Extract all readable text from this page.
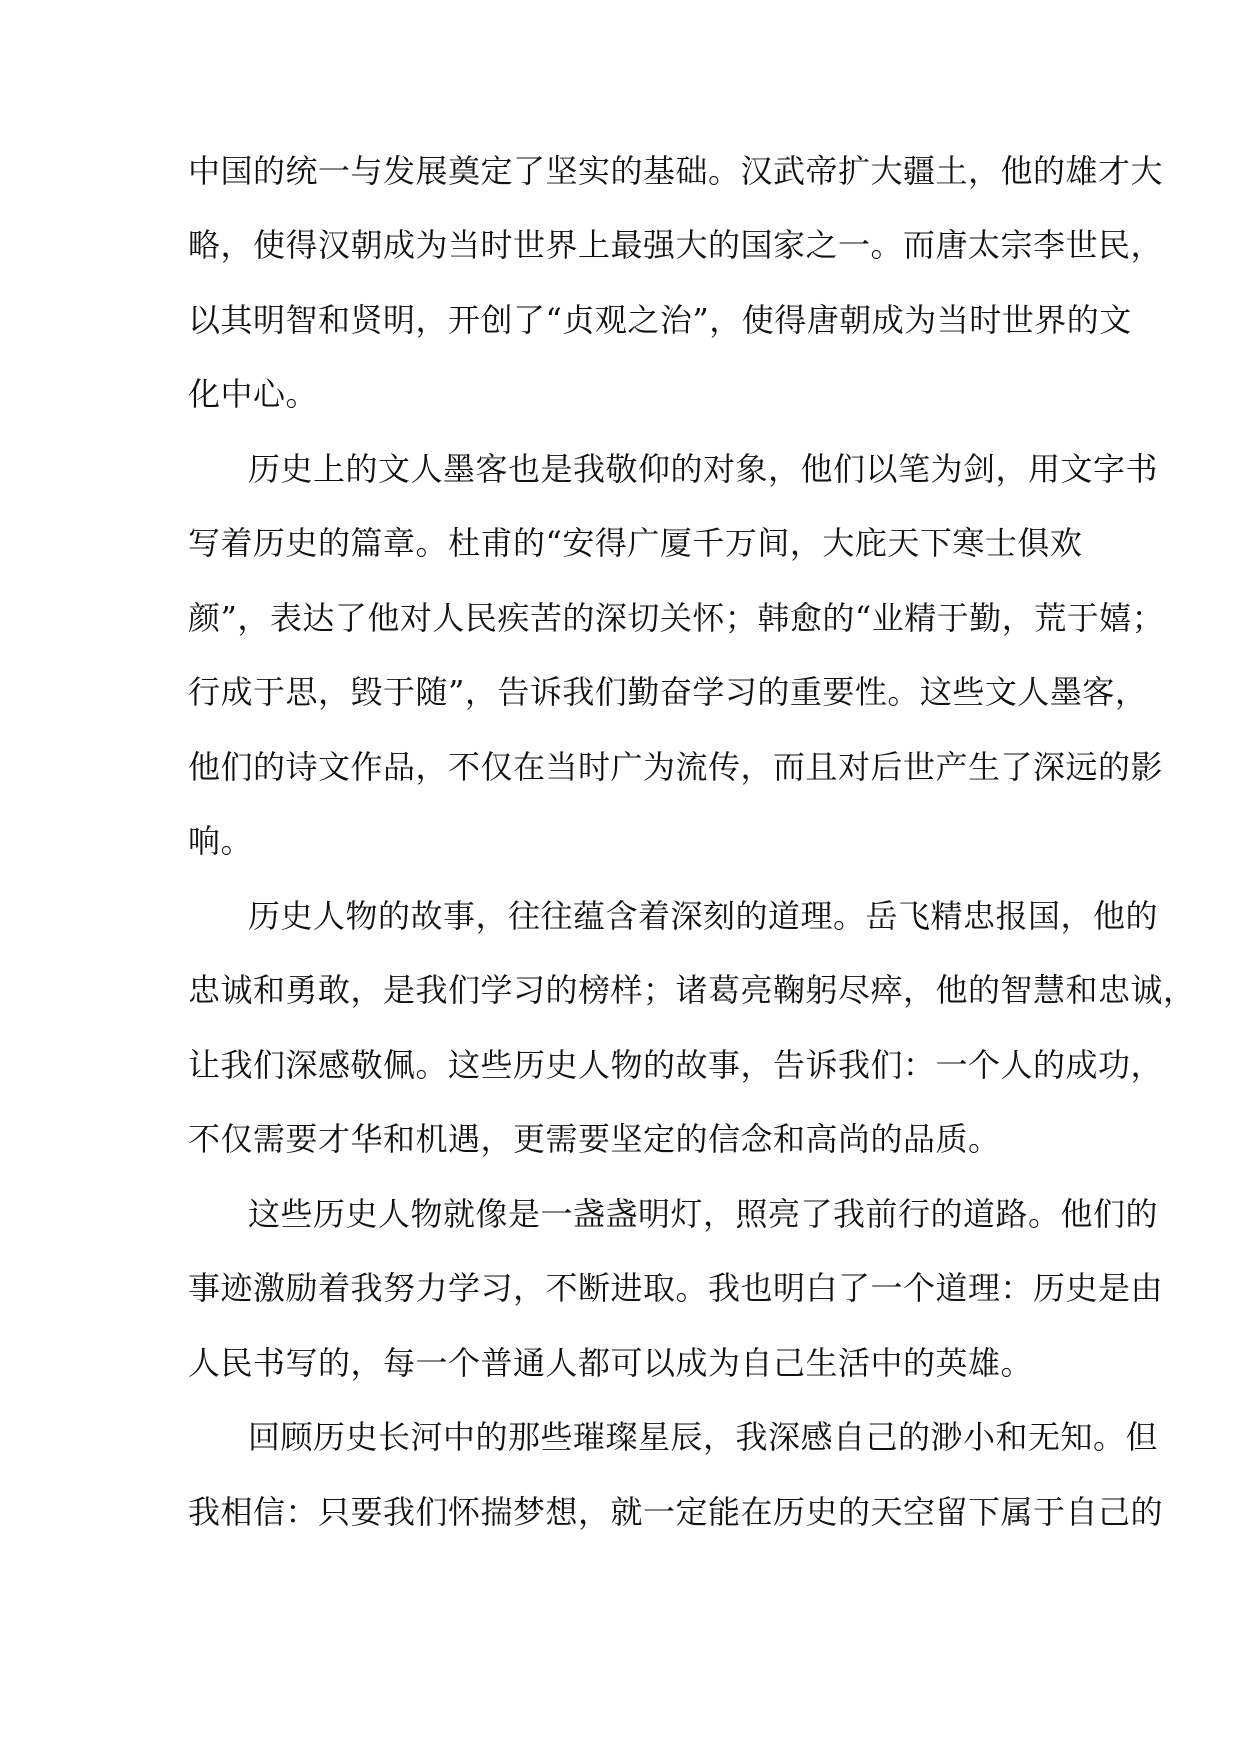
中国的统一与发展奠定了坚实的基础。汉武帝扩大疆土，他的雄才大
略，使得汉朝成为当时世界上最强大的国家之一。而唐太宗李世民，
以其明智和贤明，开创了“贞观之治”，使得唐朝成为当时世界的文
化中心。
历史上的文人墨客也是我敬仰的对象，他们以笔为剑，用文字书
写着历史的篇章。杜甫的“安得广厦千万间，大庇天下寒士俱欢
颜”，表达了他对人民疾苦的深切关怀；韩愈的“业精于勤，荒于嬉；
行成于思，毁于随”，告诉我们勤奋学习的重要性。这些文人墨客，
他们的诗文作品，不仅在当时广为流传，而且对后世产生了深远的影
响。
历史人物的故事，往往蕴含着深刻的道理。岳飞精忠报国，他的
忠诚和勇敢，是我们学习的榜样；诸葛亮鞠躬尽瘁，他的智慧和忠诚，
让我们深感敬佩。这些历史人物的故事，告诉我们：一个人的成功，
不仅需要才华和机遇，更需要坚定的信念和高尚的品质。
这些历史人物就像是一盏盏明灯，照亮了我前行的道路。他们的
事迹激励着我努力学习，不断进取。我也明白了一个道理：历史是由
人民书写的，每一个普通人都可以成为自己生活中的英雄。
回顾历史长河中的那些璀璨星辰，我深感自己的渺小和无知。但
我相信：只要我们怀揣梦想，就一定能在历史的天空留下属于自己的
